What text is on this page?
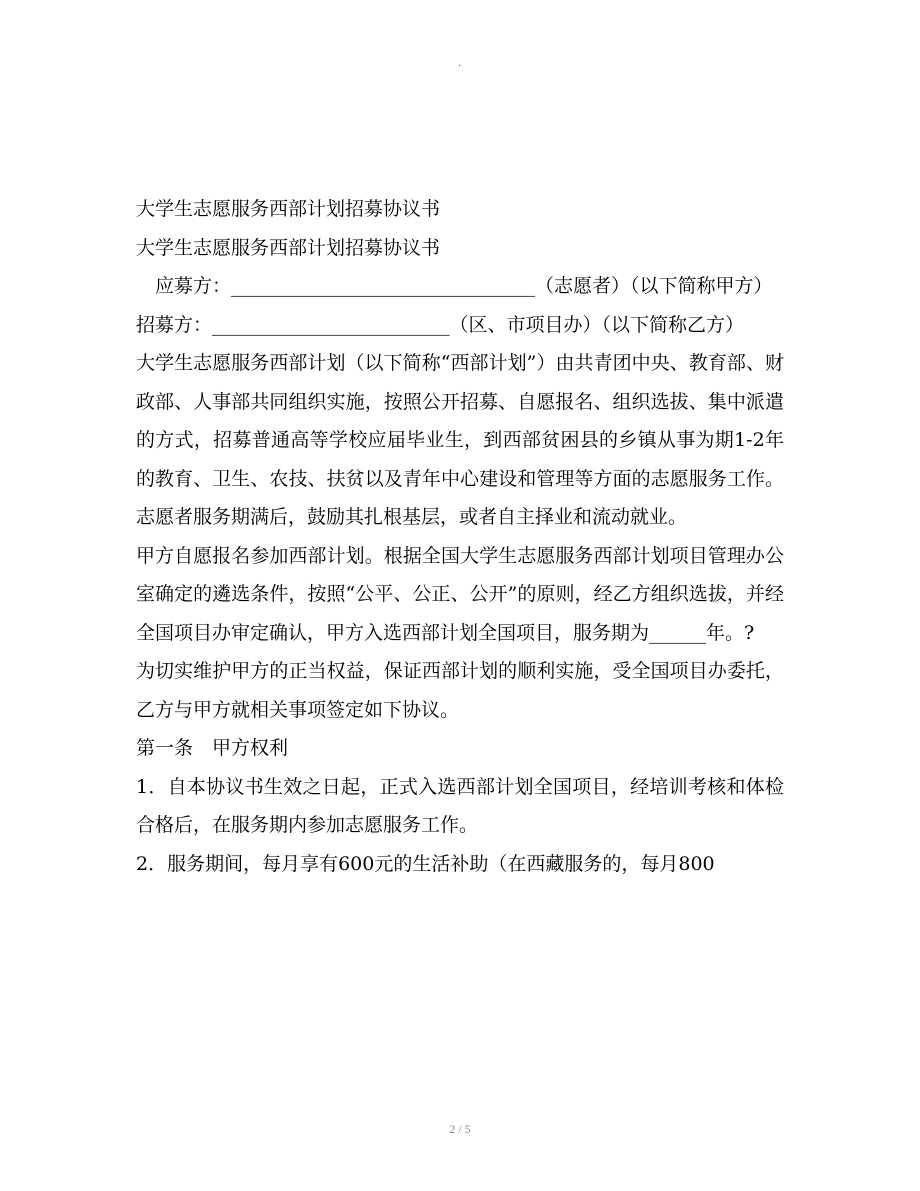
.

大学生志愿服务西部计划招募协议书

大学生志愿服务西部计划招募协议书

应募方：________________________________（志愿者）（以下简称甲方）

招募方：_________________________（区、市项目办）（以下简称乙方）

大学生志愿服务西部计划（以下简称“西部计划”）由共青团中央、教育部、财政部、人事部共同组织实施，按照公开招募、自愿报名、组织选拔、集中派遣的方式，招募普通高等学校应届毕业生，到西部贫困县的乡镇从事为期1-2年的教育、卫生、农技、扶贫以及青年中心建设和管理等方面的志愿服务工作。志愿者服务期满后，鼓励其扎根基层，或者自主择业和流动就业。

甲方自愿报名参加西部计划。根据全国大学生志愿服务西部计划项目管理办公室确定的遴选条件，按照“公平、公正、公开”的原则，经乙方组织选拔，并经全国项目办审定确认，甲方入选西部计划全国项目，服务期为______年。?

为切实维护甲方的正当权益，保证西部计划的顺利实施，受全国项目办委托，乙方与甲方就相关事项签定如下协议。

第一条　甲方权利

1．自本协议书生效之日起，正式入选西部计划全国项目，经培训考核和体检合格后，在服务期内参加志愿服务工作。

2．服务期间，每月享有600元的生活补助（在西藏服务的，每月800

2 / 5
